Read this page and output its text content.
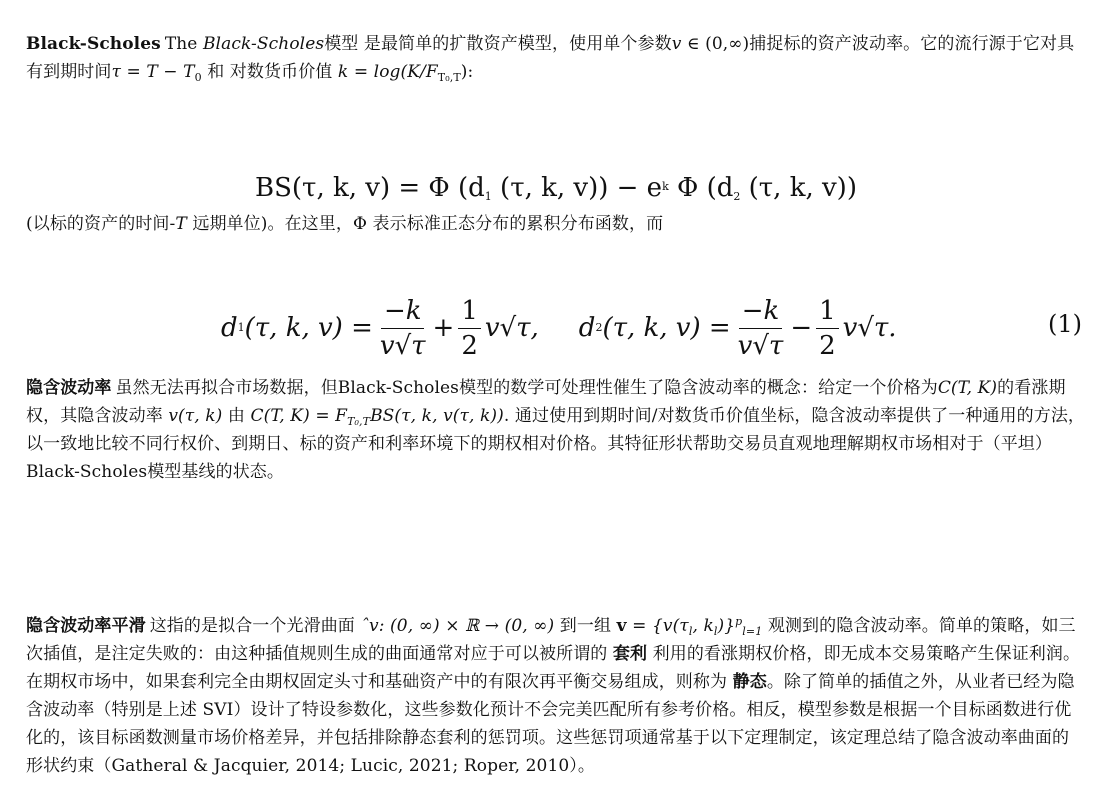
Black-Scholes The Black-Scholes模型 是最简单的扩散资产模型，使用单个参数v ∈ (0,∞)捕捉标的资产波动率。它的流行源于它对具有到期时间$\tau = T - T_0$ 和 对数货币价值 $k = \log(K/F_{T_0,T})$:
BS(τ, k, v) = Φ ($d_1$ (τ, k, $v)) - e^k$ Φ ($d_2$ (τ, k, v))
(以标的资产的时间-T 远期单位)。在这里，Φ 表示标准正态分布的累积分布函数，而
d 1 (τ, k, $v) = \frac{-k}{v√\tau} + \frac{1}{2} v√\tau$, d 2 (τ, k, $v) = \frac{-k}{v√\tau} - \frac{1}{2} v√\tau$.	(1)
隐含波动率 虽然无法再拟合市场数据，但Black-Scholes模型的数学可处理性催生了隐含波动率的概念：给定一个价格为C(T, K)的看涨期权，其隐含波动率 v(τ, k) 由 C(T, $K) = F_{T_0,T}BS(\tau$, k, v(τ, k)). 通过使用到期时间/对数货币价值坐标，隐含波动率提供了一种通用的方法，以一致地比较不同行权价、到期日、标的资产和利率环境下的期权相对价格。其特征形状帮助交易员直观地理解期权市场相对于（平坦）Black-Scholes模型基线的状态。
隐含波动率平滑 这指的是拟合一个光滑曲面 ˆv: (0, ∞) × ℝ → (0, ∞) 到一组 $v = \{v(\tau_l$, $k_l)\}^p_{l=1}$ 观测到的隐含波动率。简单的策略，如三次插值，是注定失败的：由这种插值规则生成的曲面通常对应于可以被所谓的 套利 利用的看涨期权价格，即无成本交易策略产生保证利润。在期权市场中，如果套利完全由期权固定头寸和基础资产中的有限次再平衡交易组成，则称为 静态。除了简单的插值之外，从业者已经为隐含波动率（特别是上述 SVI）设计了特设参数化，这些参数化预计不会完美匹配所有参考价格。相反，模型参数是根据一个目标函数进行优化的，该目标函数测量市场价格差异，并包括排除静态套利的惩罚项。这些惩罚项通常基于以下定理制定，该定理总结了隐含波动率曲面的形状约束（Gatheral & Jacquier, 2014; Lucic, 2021; Roper, 2010）。
